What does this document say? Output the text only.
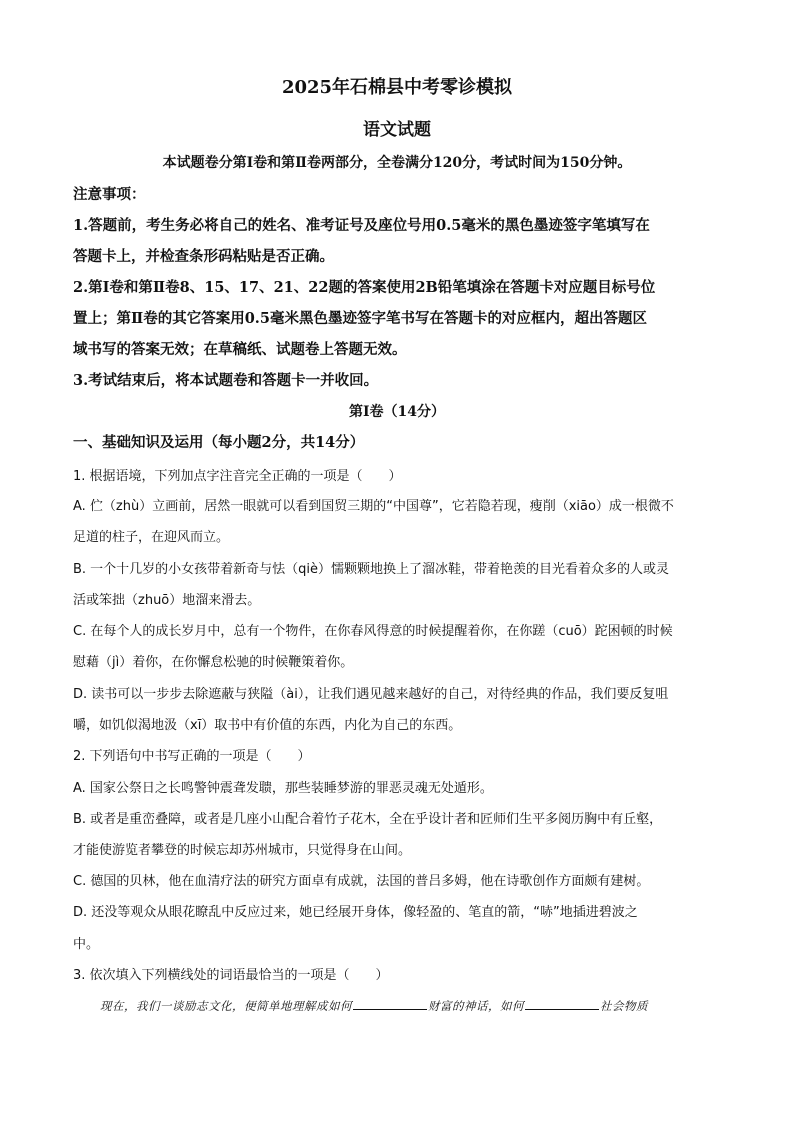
2025年石棉县中考零诊模拟
语文试题
本试题卷分第Ⅰ卷和第Ⅱ卷两部分，全卷满分120分，考试时间为150分钟。
注意事项：
1.答题前，考生务必将自己的姓名、准考证号及座位号用0.5毫米的黑色墨迹签字笔填写在
答题卡上，并检查条形码粘贴是否正确。
2.第Ⅰ卷和第Ⅱ卷8、15、17、21、22题的答案使用2B铅笔填涂在答题卡对应题目标号位
置上；第Ⅱ卷的其它答案用0.5毫米黑色墨迹签字笔书写在答题卡的对应框内，超出答题区
域书写的答案无效；在草稿纸、试题卷上答题无效。
3.考试结束后，将本试题卷和答题卡一并收回。
第Ⅰ卷（14分）
一、基础知识及运用（每小题2分，共14分）
1. 根据语境，下列加点字注音完全正确的一项是（　　）
A. 伫（zhù）立画前，居然一眼就可以看到国贸三期的“中国尊”，它若隐若现，瘦削（xiāo）成一根微不
足道的柱子，在迎风而立。
B. 一个十几岁的小女孩带着新奇与怯（qiè）懦颗颗地换上了溜冰鞋，带着艳羡的目光看着众多的人或灵
活或笨拙（zhuō）地溜来滑去。
C. 在每个人的成长岁月中，总有一个物件，在你春风得意的时候提醒着你，在你蹉（cuō）跎困顿的时候
慰藉（jì）着你，在你懈怠松驰的时候鞭策着你。
D. 读书可以一步步去除遮蔽与狭隘（ài），让我们遇见越来越好的自己，对待经典的作品，我们要反复咀
嚼，如饥似渴地汲（xī）取书中有价值的东西，内化为自己的东西。
2. 下列语句中书写正确的一项是（　　）
A. 国家公祭日之长鸣警钟震聋发聩，那些装睡梦游的罪恶灵魂无处遁形。
B. 或者是重峦叠障，或者是几座小山配合着竹子花木，全在乎设计者和匠师们生平多阅历胸中有丘壑，
才能使游览者攀登的时候忘却苏州城市，只觉得身在山间。
C. 德国的贝林，他在血清疗法的研究方面卓有成就，法国的普吕多姆，他在诗歌创作方面颇有建树。
D. 还没等观众从眼花瞭乱中反应过来，她已经展开身体，像轻盈的、笔直的箭，“哧”地插进碧波之
中。
3. 依次填入下列横线处的词语最恰当的一项是（　　）
现在，我们一谈励志文化，便简单地理解成如何	财富的神话，如何	社会物质
